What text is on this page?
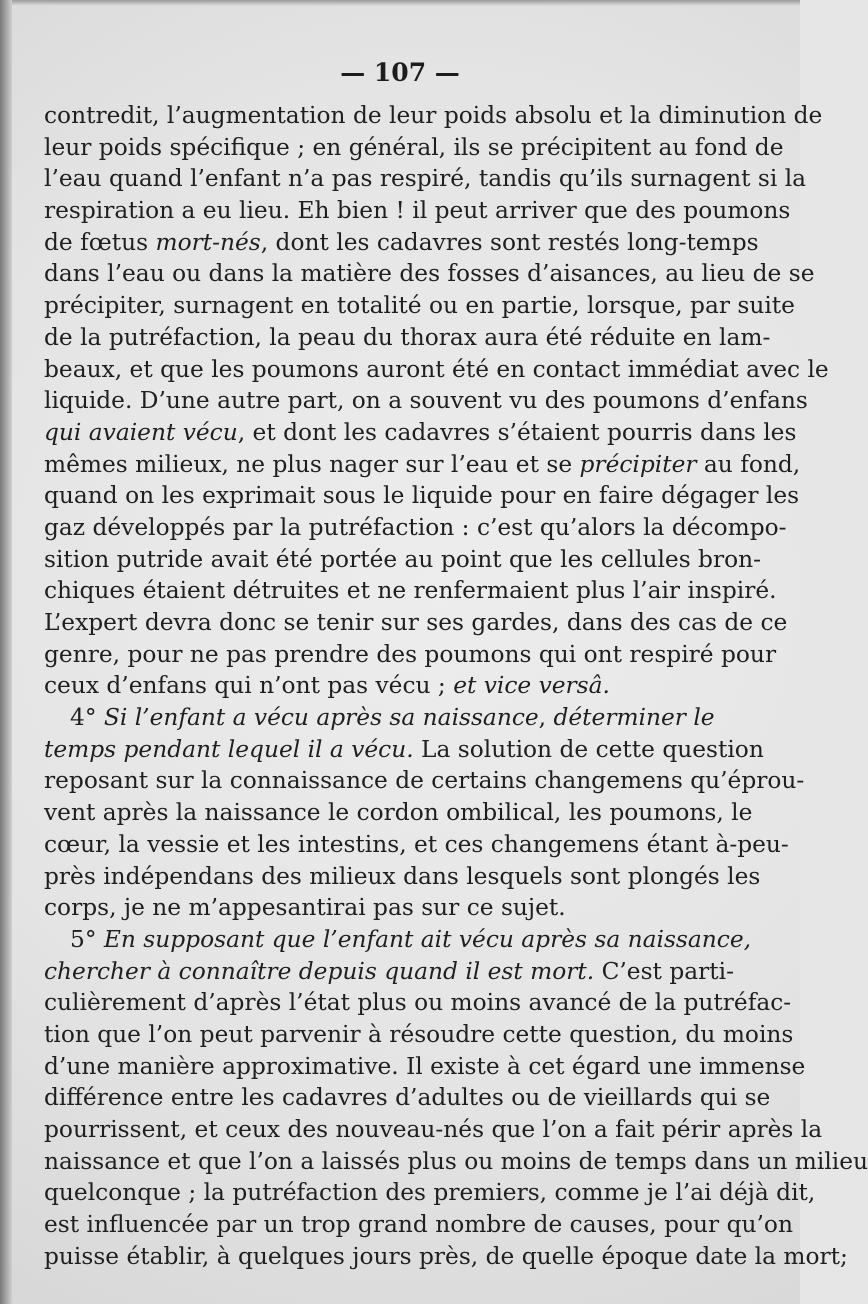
— 107 —
contredit, l’augmentation de leur poids absolu et la diminution de
leur poids spécifique ; en général, ils se précipitent au fond de
l’eau quand l’enfant n’a pas respiré, tandis qu’ils surnagent si la
respiration a eu lieu. Eh bien ! il peut arriver que des poumons
de fœtus mort-nés, dont les cadavres sont restés long-temps
dans l’eau ou dans la matière des fosses d’aisances, au lieu de se
précipiter, surnagent en totalité ou en partie, lorsque, par suite
de la putréfaction, la peau du thorax aura été réduite en lam-
beaux, et que les poumons auront été en contact immédiat avec le
liquide. D’une autre part, on a souvent vu des poumons d’enfans
qui avaient vécu, et dont les cadavres s’étaient pourris dans les
mêmes milieux, ne plus nager sur l’eau et se précipiter au fond,
quand on les exprimait sous le liquide pour en faire dégager les
gaz développés par la putréfaction : c’est qu’alors la décompo-
sition putride avait été portée au point que les cellules bron-
chiques étaient détruites et ne renfermaient plus l’air inspiré.
L’expert devra donc se tenir sur ses gardes, dans des cas de ce
genre, pour ne pas prendre des poumons qui ont respiré pour
ceux d’enfans qui n’ont pas vécu ; et vice versâ.
4° Si l’enfant a vécu après sa naissance, déterminer le
temps pendant lequel il a vécu. La solution de cette question
reposant sur la connaissance de certains changemens qu’éprou-
vent après la naissance le cordon ombilical, les poumons, le
cœur, la vessie et les intestins, et ces changemens étant à-peu-
près indépendans des milieux dans lesquels sont plongés les
corps, je ne m’appesantirai pas sur ce sujet.
5° En supposant que l’enfant ait vécu après sa naissance,
chercher à connaître depuis quand il est mort. C’est parti-
culièrement d’après l’état plus ou moins avancé de la putréfac-
tion que l’on peut parvenir à résoudre cette question, du moins
d’une manière approximative. Il existe à cet égard une immense
différence entre les cadavres d’adultes ou de vieillards qui se
pourrissent, et ceux des nouveau-nés que l’on a fait périr après la
naissance et que l’on a laissés plus ou moins de temps dans un milieu
quelconque ; la putréfaction des premiers, comme je l’ai déjà dit,
est influencée par un trop grand nombre de causes, pour qu’on
puisse établir, à quelques jours près, de quelle époque date la mort;
